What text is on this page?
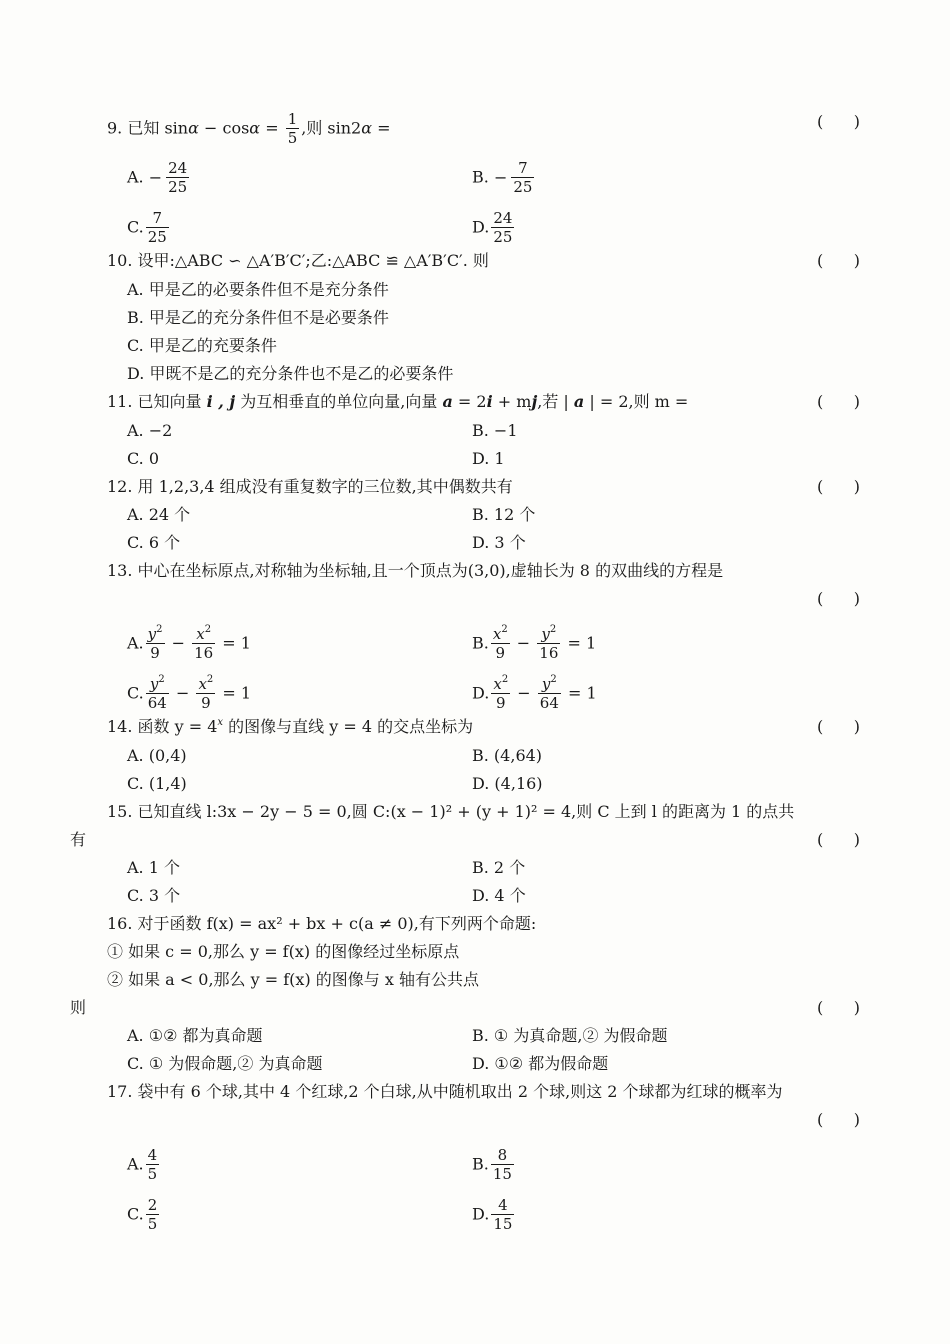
9. 已知 $\sin\alpha - \cos\alpha = \frac{1}{5}$ ,则 sin2α =	(      )
A. − $\frac{24}{25}$	B. − $\frac{7}{25}$
C. $\frac{7}{25}$	D. $\frac{24}{25}$
10. 设甲:△ABC ∽ △A′B′C′;乙:△ABC ≌ △A′B′C′. 则	(      )
A. 甲是乙的必要条件但不是充分条件
B. 甲是乙的充分条件但不是必要条件
C. 甲是乙的充要条件
D. 甲既不是乙的充分条件也不是乙的必要条件
11. 已知向量 i , j 为互相垂直的单位向量,向量 a = 2i + mj,若 | a | = 2,则 m =	(      )
A. −2	B. −1
C. 0	D. 1
12. 用 1,2,3,4 组成没有重复数字的三位数,其中偶数共有	(      )
A. 24 个	B. 12 个
C. 6 个	D. 3 个
13. 中心在坐标原点,对称轴为坐标轴,且一个顶点为(3,0),虚轴长为 8 的双曲线的方程是
(      )
A. $\frac{y^2}{9} - \frac{x^2}{16} = 1$	B. $\frac{x^2}{9} - \frac{y^2}{16} = 1$
C. $\frac{y^2}{64} - \frac{x^2}{9} = 1$	D. $\frac{x^2}{9} - \frac{y^2}{64} = 1$
14. 函数 $y = 4^x$ 的图像与直线 y = 4 的交点坐标为	(      )
A. (0,4)	B. (4,64)
C. (1,4)	D. (4,16)
15. 已知直线 l:3x − 2y − 5 = 0,圆 C:(x − 1)² + (y + 1)² = 4,则 C 上到 l 的距离为 1 的点共
有	(      )
A. 1 个	B. 2 个
C. 3 个	D. 4 个
16. 对于函数 f(x) = ax² + bx + c(a ≠ 0),有下列两个命题:
① 如果 c = 0,那么 y = f(x) 的图像经过坐标原点
② 如果 a < 0,那么 y = f(x) 的图像与 x 轴有公共点
则	(      )
A. ①② 都为真命题	B. ① 为真命题,② 为假命题
C. ① 为假命题,② 为真命题	D. ①② 都为假命题
17. 袋中有 6 个球,其中 4 个红球,2 个白球,从中随机取出 2 个球,则这 2 个球都为红球的概率为
(      )
A. $\frac{4}{5}$	B. $\frac{8}{15}$
C. $\frac{2}{5}$	D. $\frac{4}{15}$
